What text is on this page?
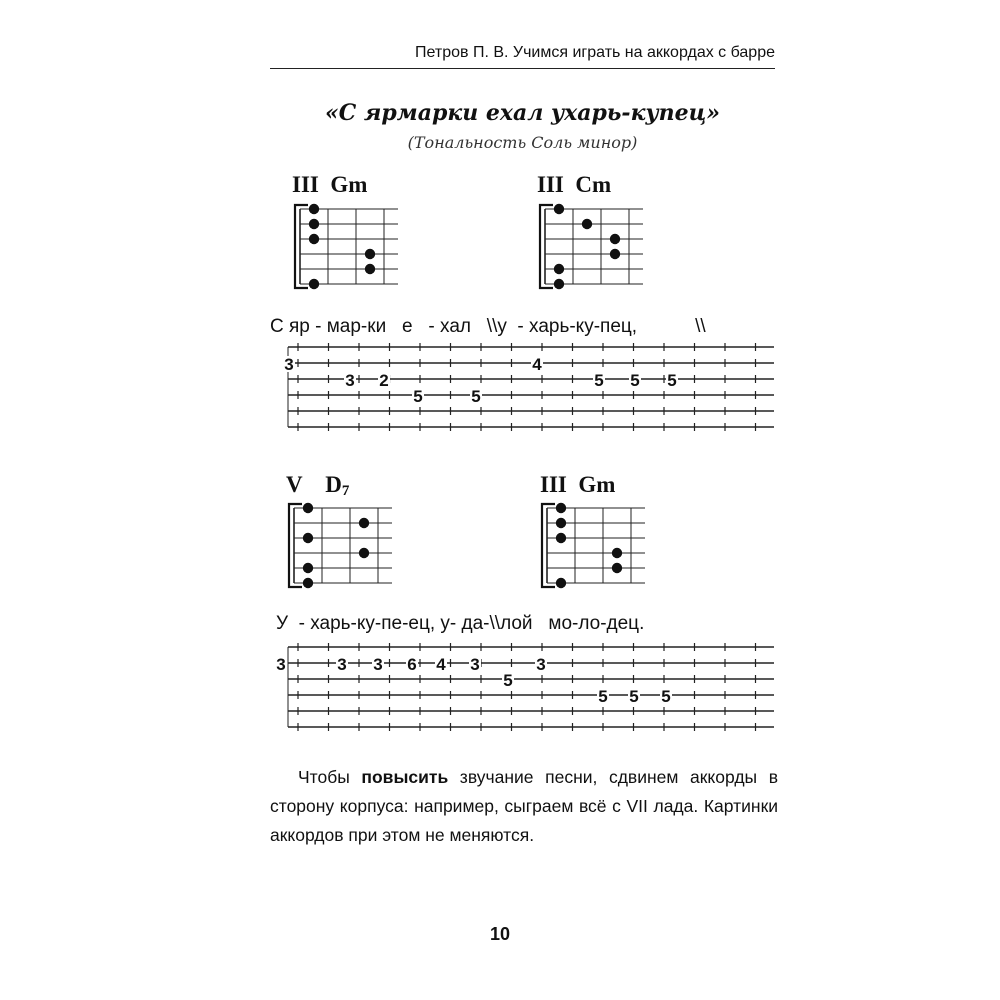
Петров П. В. Учимся играть на аккордах с барре
«С ярмарки ехал ухарь-купец»
(Тональность Соль минор)
III Gm	III Cm
С яр - мар-ки   е   - хал   \\у  - харь-ку-пец,           \\
3
3 2
5	5
4
5 5 5
V $D_7$	III Gm
У  - харь-ку-пе-ец, у- да-\\лой   мо-ло-дец.
3	3 3 6 4 3
5
3
5 5 5
Чтобы повысить звучание песни, сдвинем аккорды в сторону корпуса: например, сыграем всё с VII лада. Картинки аккордов при этом не меняются.
10
